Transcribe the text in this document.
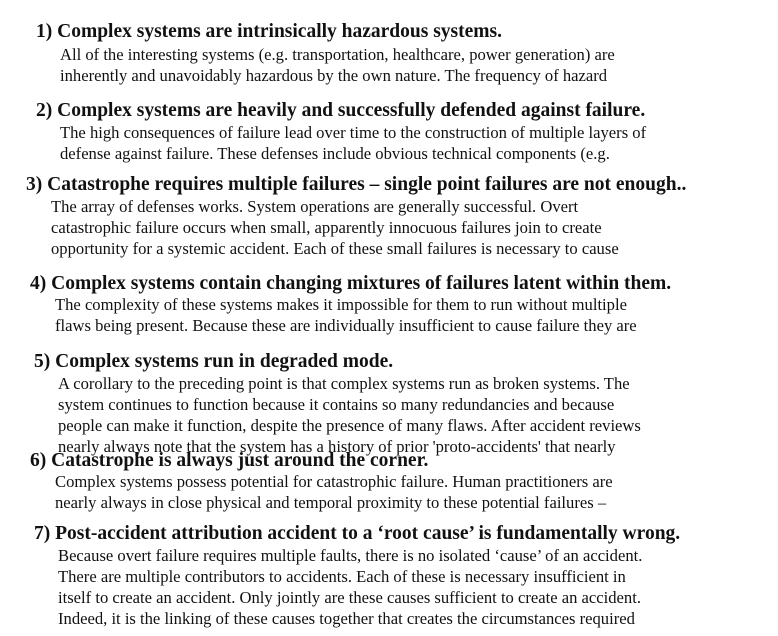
1) Complex systems are intrinsically hazardous systems.
All of the interesting systems (e.g. transportation, healthcare, power generation) are
inherently and unavoidably hazardous by the own nature. The frequency of hazard
2) Complex systems are heavily and successfully defended against failure.
The high consequences of failure lead over time to the construction of multiple layers of
defense against failure. These defenses include obvious technical components (e.g.
3) Catastrophe requires multiple failures – single point failures are not enough..
The array of defenses works. System operations are generally successful. Overt
catastrophic failure occurs when small, apparently innocuous failures join to create
opportunity for a systemic accident. Each of these small failures is necessary to cause
4) Complex systems contain changing mixtures of failures latent within them.
The complexity of these systems makes it impossible for them to run without multiple
flaws being present. Because these are individually insufficient to cause failure they are
5) Complex systems run in degraded mode.
A corollary to the preceding point is that complex systems run as broken systems. The
system continues to function because it contains so many redundancies and because
people can make it function, despite the presence of many flaws. After accident reviews
nearly always note that the system has a history of prior 'proto-accidents' that nearly
6) Catastrophe is always just around the corner.
Complex systems possess potential for catastrophic failure. Human practitioners are
nearly always in close physical and temporal proximity to these potential failures –
7) Post-accident attribution accident to a ‘root cause’ is fundamentally wrong.
Because overt failure requires multiple faults, there is no isolated ‘cause’ of an accident.
There are multiple contributors to accidents. Each of these is necessary insufficient in
itself to create an accident. Only jointly are these causes sufficient to create an accident.
Indeed, it is the linking of these causes together that creates the circumstances required
